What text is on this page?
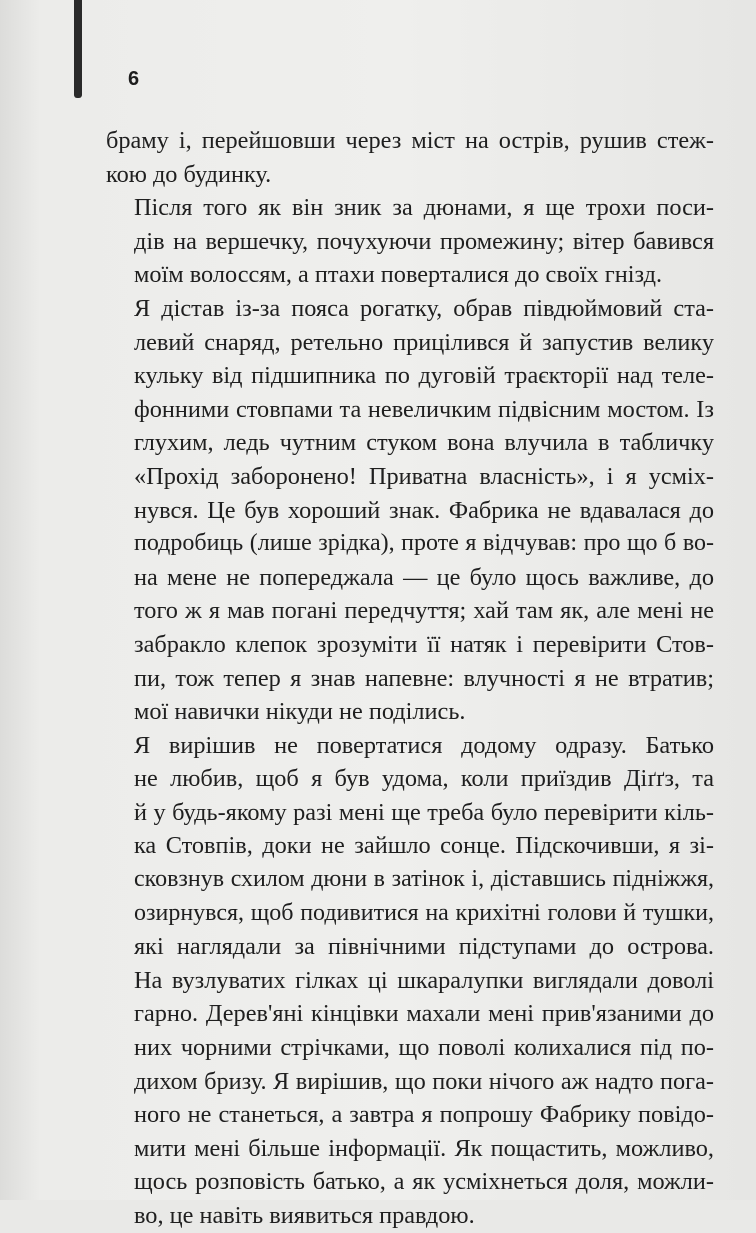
6

браму і, перейшовши через міст на острів, рушив стеж-
кою до будинку.

Після того як він зник за дюнами, я ще трохи поси-
дів на вершечку, почухуючи промежину; вітер бавився
моїм волоссям, а птахи поверталися до своїх гнізд.

Я дістав із-за пояса рогатку, обрав півдюймовий ста-
левий снаряд, ретельно прицілився й запустив велику
кульку від підшипника по дуговій траєкторії над теле-
фонними стовпами та невеличким підвісним мостом. Із
глухим, ледь чутним стуком вона влучила в табличку
«Прохід заборонено! Приватна власність», і я усміх-
нувся. Це був хороший знак. Фабрика не вдавалася до
подробиць (лише зрідка), проте я відчував: про що б во-
на мене не попереджала — це було щось важливе, до
того ж я мав погані передчуття; хай там як, але мені не
забракло клепок зрозуміти її натяк і перевірити Стов-
пи, тож тепер я знав напевне: влучності я не втратив;
мої навички нікуди не поділись.

Я вирішив не повертатися додому одразу. Батько
не любив, щоб я був удома, коли приїздив Діґґз, та
й у будь-якому разі мені ще треба було перевірити кіль-
ка Стовпів, доки не зайшло сонце. Підскочивши, я зі-
сковзнув схилом дюни в затінок і, діставшись підніжжя,
озирнувся, щоб подивитися на крихітні голови й тушки,
які наглядали за північними підступами до острова.
На вузлуватих гілках ці шкаралупки виглядали доволі
гарно. Дерев'яні кінцівки махали мені прив'язаними до
них чорними стрічками, що поволі колихалися під по-
дихом бризу. Я вирішив, що поки нічого аж надто пога-
ного не станеться, а завтра я попрошу Фабрику повідо-
мити мені більше інформації. Як пощастить, можливо,
щось розповість батько, а як усміхнеться доля, можли-
во, це навіть виявиться правдою.
